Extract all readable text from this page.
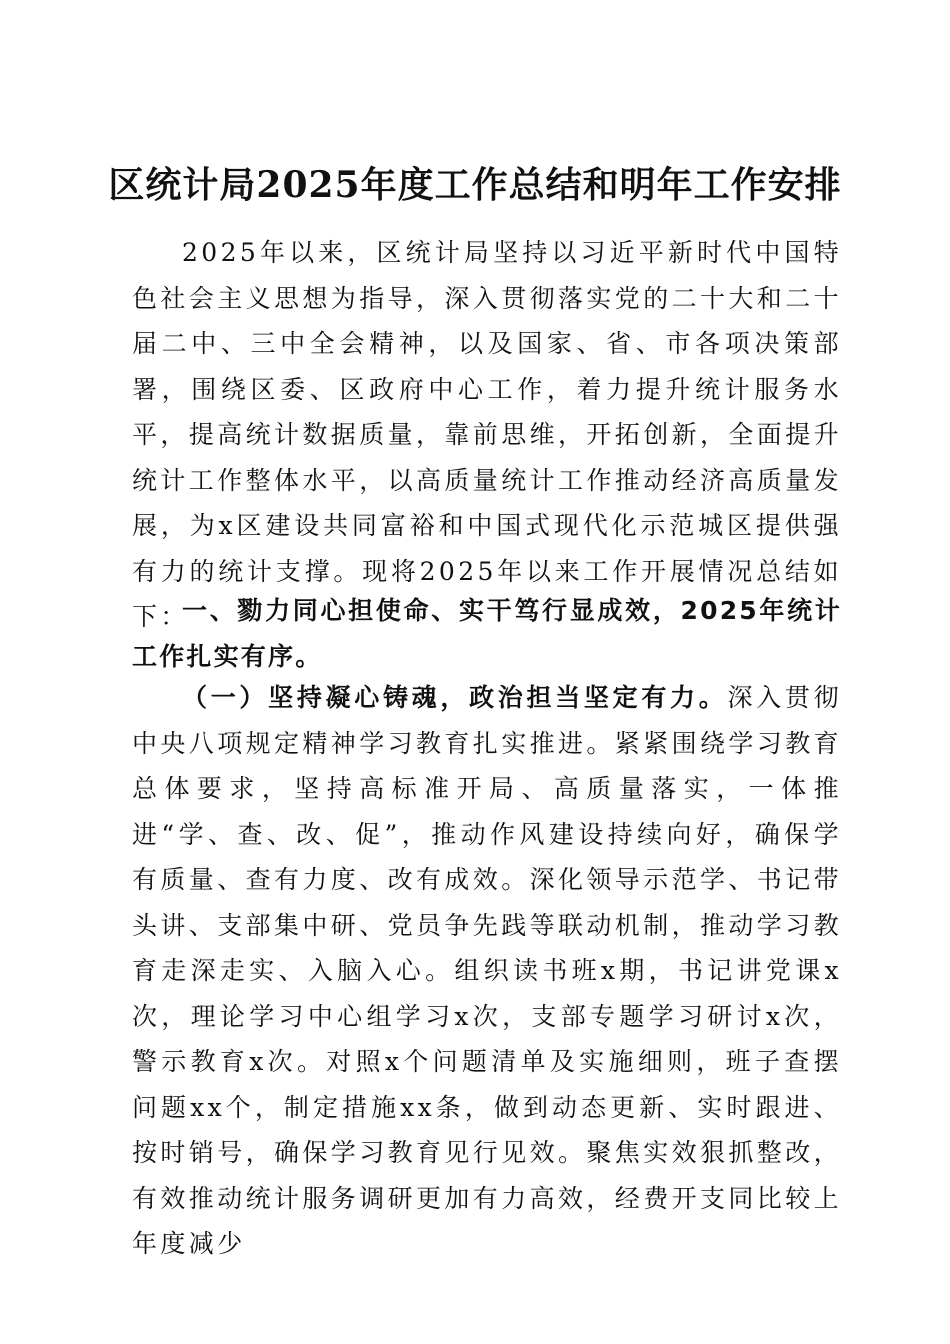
区统计局2025年度工作总结和明年工作安排

2025年以来，区统计局坚持以习近平新时代中国特色社会主义思想为指导，深入贯彻落实党的二十大和二十届二中、三中全会精神，以及国家、省、市各项决策部署，围绕区委、区政府中心工作，着力提升统计服务水平，提高统计数据质量，靠前思维，开拓创新，全面提升统计工作整体水平，以高质量统计工作推动经济高质量发展，为x区建设共同富裕和中国式现代化示范城区提供强有力的统计支撑。现将2025年以来工作开展情况总结如下：

一、勠力同心担使命、实干笃行显成效，2025年统计工作扎实有序。

（一）坚持凝心铸魂，政治担当坚定有力。深入贯彻中央八项规定精神学习教育扎实推进。紧紧围绕学习教育总体要求，坚持高标准开局、高质量落实，一体推进“学、查、改、促”，推动作风建设持续向好，确保学有质量、查有力度、改有成效。深化领导示范学、书记带头讲、支部集中研、党员争先践等联动机制，推动学习教育走深走实、入脑入心。组织读书班x期，书记讲党课x次，理论学习中心组学习x次，支部专题学习研讨x次，警示教育x次。对照x个问题清单及实施细则，班子查摆问题xx个，制定措施xx条，做到动态更新、实时跟进、按时销号，确保学习教育见行见效。聚焦实效狠抓整改，有效推动统计服务调研更加有力高效，经费开支同比较上年度减少
